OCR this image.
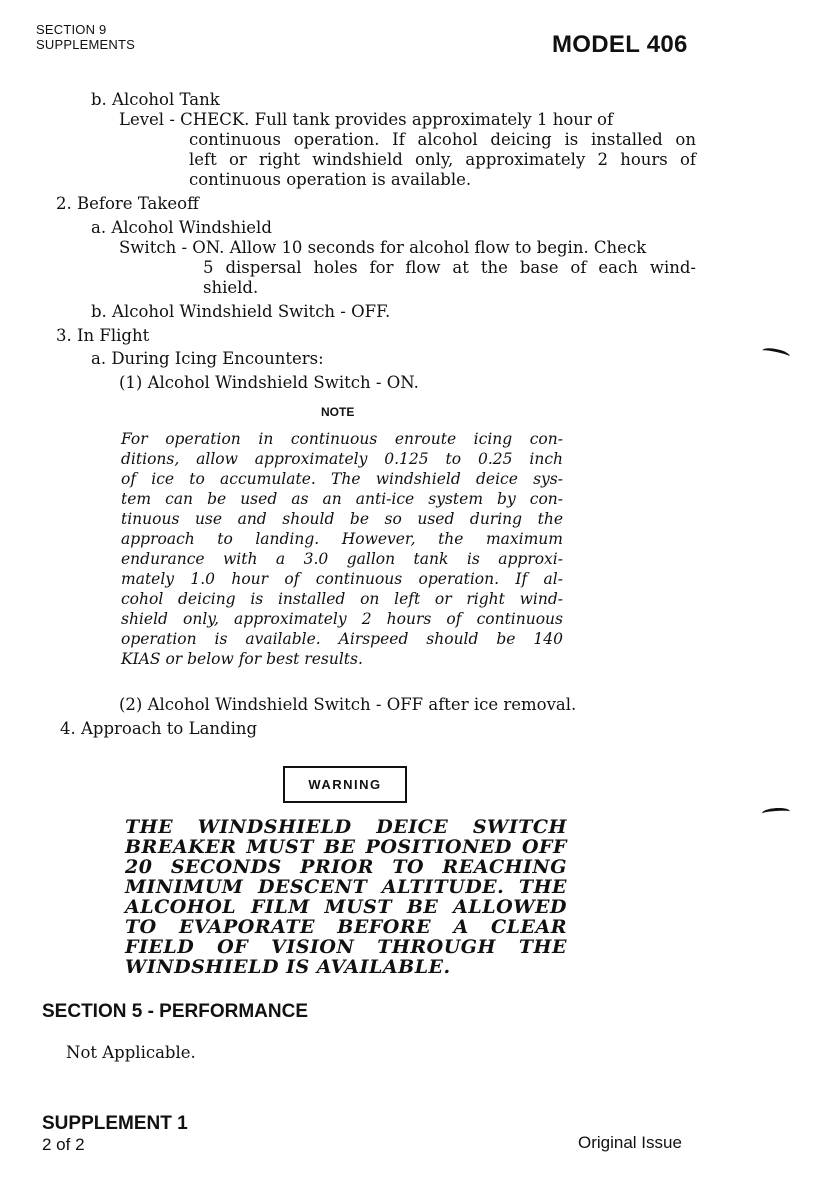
SECTION 9
SUPPLEMENTS	MODEL 406
b. Alcohol Tank
Level - CHECK. Full tank provides approximately 1 hour of
continuous operation. If alcohol deicing is installed on
left or right windshield only, approximately 2 hours of
continuous operation is available.
2. Before Takeoff
a. Alcohol Windshield
Switch - ON. Allow 10 seconds for alcohol flow to begin. Check
5 dispersal holes for flow at the base of each wind-
shield.
b. Alcohol Windshield Switch - OFF.
3. In Flight
a. During Icing Encounters:
(1) Alcohol Windshield Switch - ON.
NOTE
For operation in continuous enroute icing con-
ditions, allow approximately 0.125 to 0.25 inch
of ice to accumulate. The windshield deice sys-
tem can be used as an anti-ice system by con-
tinuous use and should be so used during the
approach to landing. However, the maximum
endurance with a 3.0 gallon tank is approxi-
mately 1.0 hour of continuous operation. If al-
cohol deicing is installed on left or right wind-
shield only, approximately 2 hours of continuous
operation is available. Airspeed should be 140
KIAS or below for best results.
(2) Alcohol Windshield Switch - OFF after ice removal.
4. Approach to Landing
WARNING
THE WINDSHIELD DEICE SWITCH
BREAKER MUST BE POSITIONED OFF
20 SECONDS PRIOR TO REACHING
MINIMUM DESCENT ALTITUDE. THE
ALCOHOL FILM MUST BE ALLOWED
TO EVAPORATE BEFORE A CLEAR
FIELD OF VISION THROUGH THE
WINDSHIELD IS AVAILABLE.
SECTION 5 - PERFORMANCE
Not Applicable.
SUPPLEMENT 1
2 of 2	Original Issue
